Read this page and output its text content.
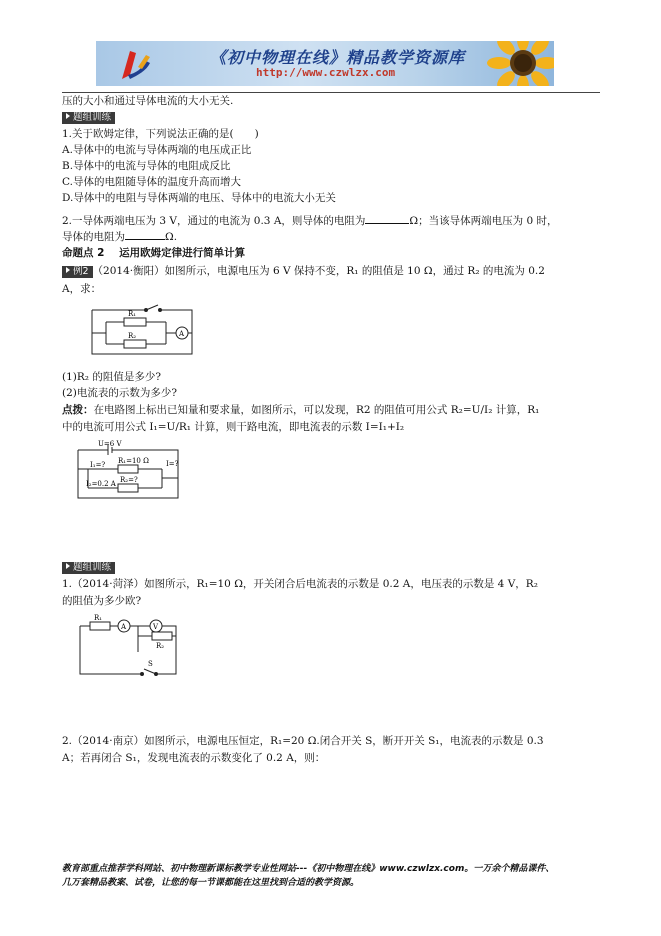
《初中物理在线》精品教学资源库
http://www.czwlzx.com
压的大小和通过导体电流的大小无关.
题组训练
1.关于欧姆定律，下列说法正确的是(　　)
A.导体中的电流与导体两端的电压成正比
B.导体中的电流与导体的电阻成反比
C.导体的电阻随导体的温度升高而增大
D.导体中的电阻与导体两端的电压、导体中的电流大小无关
2.一导体两端电压为 3 V，通过的电流为 0.3 A，则导体的电阻为	Ω；当该导体两端电压为 0 时，
导体的电阻为	Ω.
命题点 2 运用欧姆定律进行简单计算
例2 （2014·衡阳）如图所示，电源电压为 6 V 保持不变，R₁ 的阻值是 10 Ω，通过 R₂ 的电流为 0.2
A，求：
R₁
R₂	A
(1)R₂ 的阻值是多少?
(2)电流表的示数为多少?
点拨：在电路图上标出已知量和要求量，如图所示，可以发现，R2 的阻值可用公式 R₂=U/I₂ 计算，R₁
中的电流可用公式 I₁=U/R₁ 计算，则干路电流，即电流表的示数 I=I₁+I₂
U=6 V
I₁=? R₁=10 Ω I=?
I₂=0.2 A R₂=?
题组训练
1.（2014·菏泽）如图所示，R₁=10 Ω，开关闭合后电流表的示数是 0.2 A，电压表的示数是 4 V，R₂
的阻值为多少欧?
R₁
A	V
R₂
S
2.（2014·南京）如图所示，电源电压恒定，R₁=20 Ω.闭合开关 S，断开开关 S₁，电流表的示数是 0.3
A；若再闭合 S₁，发现电流表的示数变化了 0.2 A，则：
教育部重点推荐学科网站、初中物理新课标教学专业性网站---《初中物理在线》www.czwlzx.com。一万余个精品课件、
几万套精品教案、试卷，让您的每一节课都能在这里找到合适的教学资源。
